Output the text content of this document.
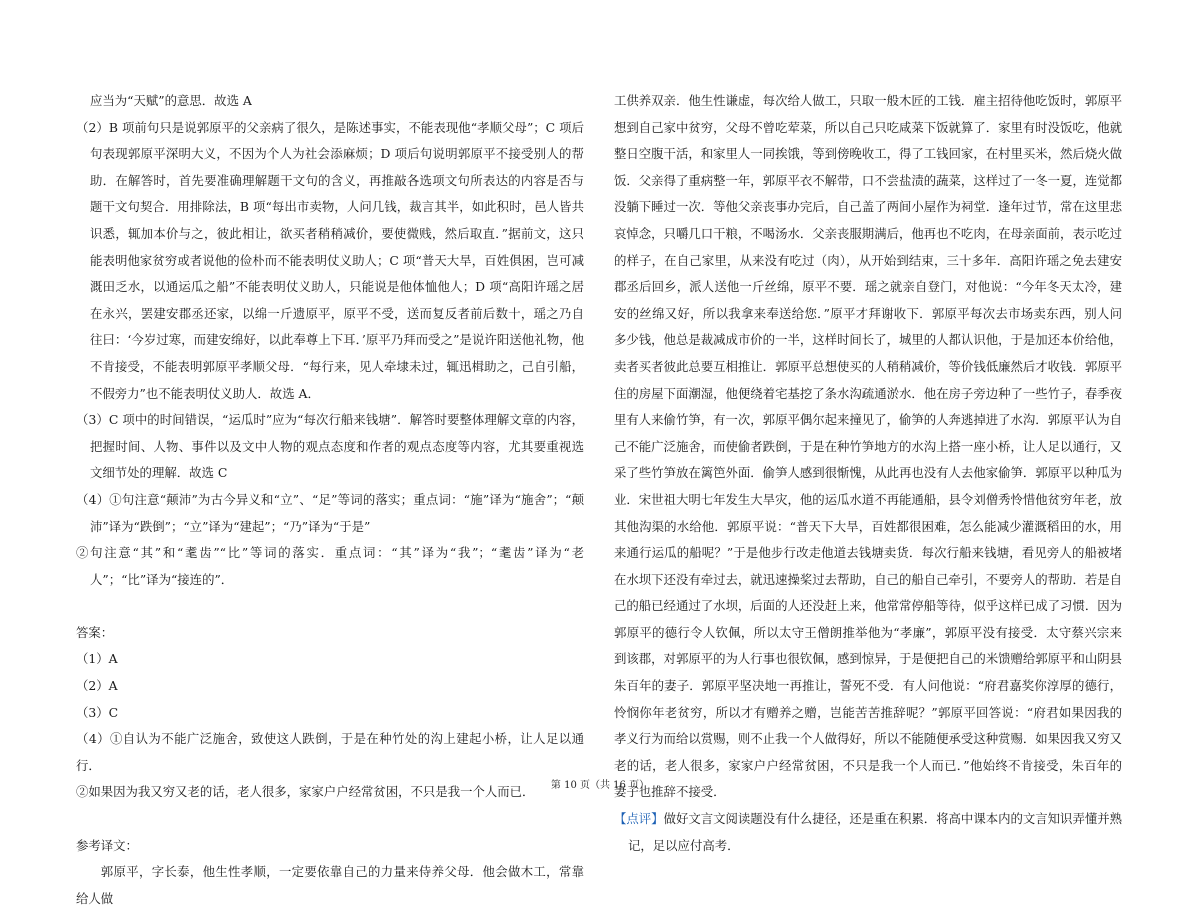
应当为“天赋”的意思．故选 A

（2）B 项前句只是说郭原平的父亲病了很久，是陈述事实，不能表现他“孝顺父母”；C 项后句表现郭原平深明大义，不因为个人为社会添麻烦；D 项后句说明郭原平不接受别人的帮助．在解答时，首先要准确理解题干文句的含义，再推敲各选项文句所表达的内容是否与题干文句契合．用排除法，B 项“每出市卖物，人问几钱，裁言其半，如此积时，邑人皆共识悉，辄加本价与之，彼此相让，欲买者稍稍减价，要使微贱，然后取直．”据前文，这只能表明他家贫穷或者说他的俭朴而不能表明仗义助人；C 项“普天大旱，百姓俱困，岂可减溉田乏水，以通运瓜之船”不能表明仗义助人，只能说是他体恤他人；D 项“高阳许瑶之居在永兴，罢建安郡丞还家，以绵一斤遗原平，原平不受，送而复反者前后数十，瑶之乃自往曰：‘今岁过寒，而建安绵好，以此奉尊上下耳．’原平乃拜而受之”是说许阳送他礼物，他不肯接受，不能表明郭原平孝顺父母．“每行来，见人牵埭未过，辄迅楫助之，己自引船，不假旁力”也不能表明仗义助人．故选 A．

（3）C 项中的时间错误，“运瓜时”应为“每次行船来钱塘”．解答时要整体理解文章的内容，把握时间、人物、事件以及文中人物的观点态度和作者的观点态度等内容，尤其要重视选文细节处的理解．故选 C

（4）①句注意“颠沛”为古今异义和“立”、“足”等词的落实；重点词：“施”译为“施舍”；“颠沛”译为“跌倒”；“立”译为“建起”；“乃”译为“于是”

②句注意“其”和“耄齿”“比”等词的落实．重点词：“其”译为“我”；“耄齿”译为“老人”；“比”译为“接连的”．

答案：

（1）A

（2）A

（3）C

（4）①自认为不能广泛施舍，致使这人跌倒，于是在种竹处的沟上建起小桥，让人足以通行．

②如果因为我又穷又老的话，老人很多，家家户户经常贫困，不只是我一个人而已．

参考译文：

郭原平，字长泰，他生性孝顺，一定要依靠自己的力量来侍养父母．他会做木工，常靠给人做

工供养双亲．他生性谦虚，每次给人做工，只取一般木匠的工钱．雇主招待他吃饭时，郭原平想到自己家中贫穷，父母不曾吃荤菜，所以自己只吃咸菜下饭就算了．家里有时没饭吃，他就整日空腹干活，和家里人一同挨饿，等到傍晚收工，得了工钱回家，在村里买米，然后烧火做饭．父亲得了重病整一年，郭原平衣不解带，口不尝盐渍的蔬菜，这样过了一冬一夏，连觉都没躺下睡过一次．等他父亲丧事办完后，自己盖了两间小屋作为祠堂．逢年过节，常在这里悲哀悼念，只嚼几口干粮，不喝汤水．父亲丧服期满后，他再也不吃肉，在母亲面前，表示吃过的样子，在自己家里，从来没有吃过（肉），从开始到结束，三十多年．高阳许瑶之免去建安郡丞后回乡，派人送他一斤丝绵，原平不要．瑶之就亲自登门，对他说：“今年冬天太冷，建安的丝绵又好，所以我拿来奉送给您．”原平才拜谢收下．郭原平每次去市场卖东西，别人问多少钱，他总是裁减成市价的一半，这样时间长了，城里的人都认识他，于是加还本价给他，卖者买者彼此总要互相推让．郭原平总想使买的人稍稍减价，等价钱低廉然后才收钱．郭原平住的房屋下面潮湿，他便绕着宅基挖了条水沟疏通淤水．他在房子旁边种了一些竹子，春季夜里有人来偷竹笋，有一次，郭原平偶尔起来撞见了，偷笋的人奔逃掉进了水沟．郭原平认为自己不能广泛施舍，而使偷者跌倒，于是在种竹笋地方的水沟上搭一座小桥，让人足以通行，又采了些竹笋放在篱笆外面．偷笋人感到很惭愧，从此再也没有人去他家偷笋．郭原平以种瓜为业．宋世祖大明七年发生大旱灾，他的运瓜水道不再能通船，县令刘僧秀怜惜他贫穷年老，放其他沟渠的水给他．郭原平说：“普天下大旱，百姓都很困难，怎么能减少灌溉稻田的水，用来通行运瓜的船呢？”于是他步行改走他道去钱塘卖货．每次行船来钱塘，看见旁人的船被堵在水坝下还没有牵过去，就迅速操桨过去帮助，自己的船自己牵引，不要旁人的帮助．若是自己的船已经通过了水坝，后面的人还没赶上来，他常常停船等待，似乎这样已成了习惯．因为郭原平的德行令人钦佩，所以太守王僧朗推举他为“孝廉”，郭原平没有接受．太守蔡兴宗来到该郡，对郭原平的为人行事也很钦佩，感到惊异，于是便把自己的米馈赠给郭原平和山阴县朱百年的妻子．郭原平坚决地一再推让，誓死不受．有人问他说：“府君嘉奖你淳厚的德行，怜悯你年老贫穷，所以才有赠养之赠，岂能苦苦推辞呢？”郭原平回答说：“府君如果因我的孝义行为而给以赏赐，则不止我一个人做得好，所以不能随便承受这种赏赐．如果因我又穷又老的话，老人很多，家家户户经常贫困，不只是我一个人而已．”他始终不肯接受，朱百年的妻子也推辞不接受．

【点评】做好文言文阅读题没有什么捷径，还是重在积累．将高中课本内的文言知识弄懂并熟记，足以应付高考．

第 10 页（共 16 页）
